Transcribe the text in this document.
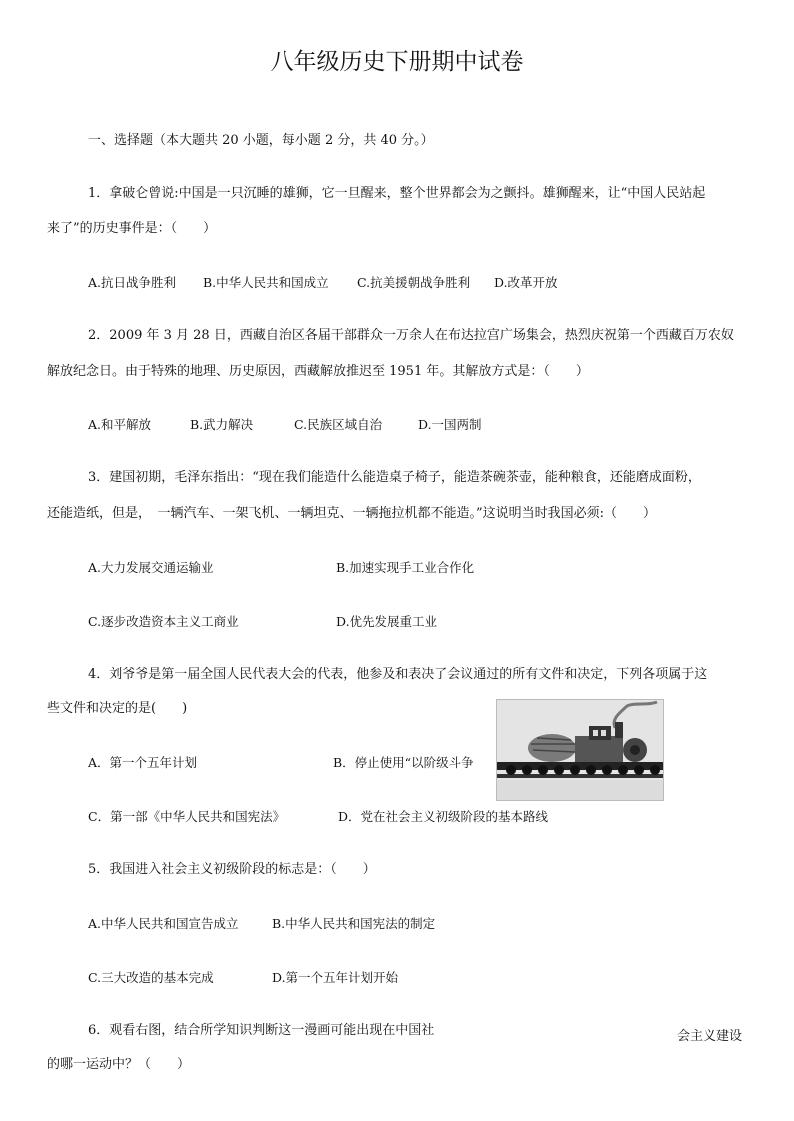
八年级历史下册期中试卷
一、选择题（本大题共 20 小题，每小题 2 分，共 40 分。）
1．拿破仑曾说:中国是一只沉睡的雄狮，它一旦醒来，整个世界都会为之颤抖。雄狮醒来，让“中国人民站起
来了”的历史事件是：（　　）
A.抗日战争胜利 B.中华人民共和国成立 C.抗美援朝战争胜利 D.改革开放
2．2009 年 3 月 28 日，西藏自治区各届干部群众一万余人在布达拉宫广场集会，热烈庆祝第一个西藏百万农奴
解放纪念日。由于特殊的地理、历史原因，西藏解放推迟至 1951 年。其解放方式是：（　　）
A.和平解放	B.武力解决	C.民族区域自治	D.一国两制
3．建国初期，毛泽东指出：“现在我们能造什么能造桌子椅子，能造茶碗茶壶，能种粮食，还能磨成面粉，
还能造纸，但是，　一辆汽车、一架飞机、一辆坦克、一辆拖拉机都不能造。”这说明当时我国必须:（　　）
A.大力发展交通运输业	B.加速实现手工业合作化
C.逐步改造资本主义工商业	D.优先发展重工业
4．刘爷爷是第一届全国人民代表大会的代表，他参及和表决了会议通过的所有文件和决定，下列各项属于这
些文件和决定的是(　　)
A．第一个五年计划	B．停止使用“以阶级斗争
C．第一部《中华人民共和国宪法》	D．党在社会主义初级阶段的基本路线
5．我国进入社会主义初级阶段的标志是：（　　）
A.中华人民共和国宣告成立	B.中华人民共和国宪法的制定
C.三大改造的基本完成	D.第一个五年计划开始
6．观看右图，结合所学知识判断这一漫画可能出现在中国社	会主义建设
的哪一运动中？（　　）
